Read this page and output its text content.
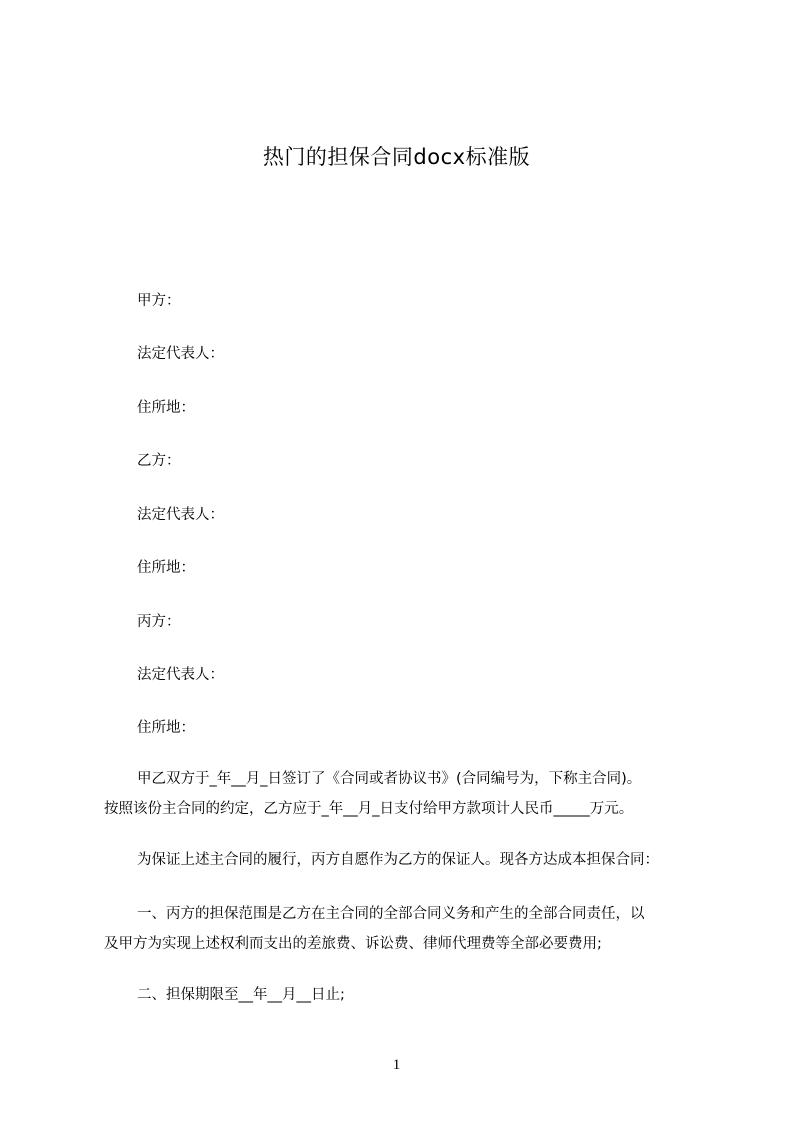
热门的担保合同docx标准版
甲方：
法定代表人：
住所地：
乙方：
法定代表人：
住所地：
丙方：
法定代表人：
住所地：
甲乙双方于_年__月_日签订了《合同或者协议书》(合同编号为，下称主合同)。
按照该份主合同的约定，乙方应于_年__月_日支付给甲方款项计人民币_____万元。
为保证上述主合同的履行，丙方自愿作为乙方的保证人。现各方达成本担保合同：
一、丙方的担保范围是乙方在主合同的全部合同义务和产生的全部合同责任，以
及甲方为实现上述权利而支出的差旅费、诉讼费、律师代理费等全部必要费用;
二、担保期限至__年__月__日止;
1
